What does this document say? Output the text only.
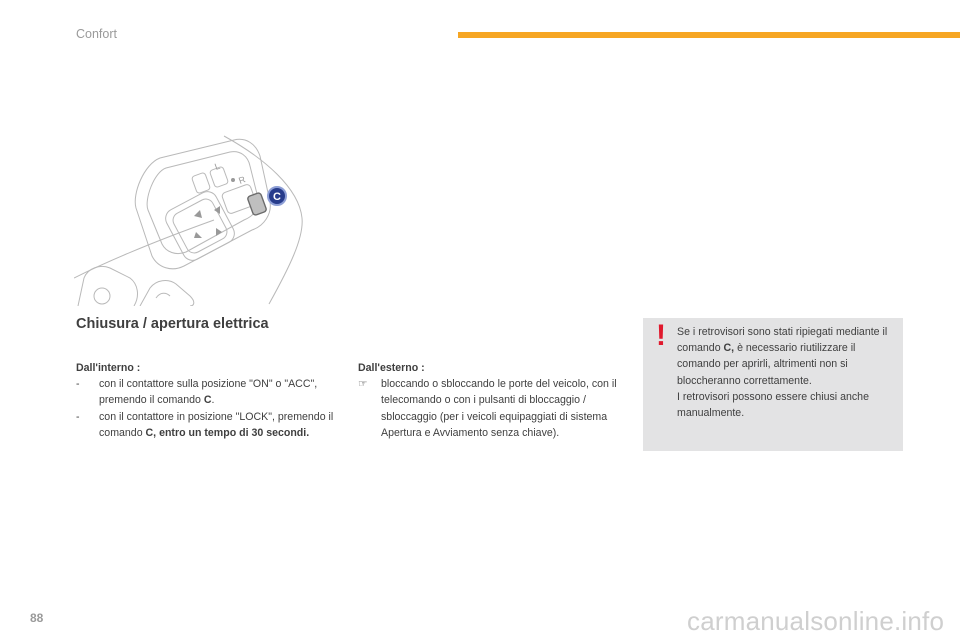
Confort
L
R
C
Chiusura / apertura elettrica
Dall'interno :
- con il contattore sulla posizione "ON" o "ACC", premendo il comando C.
- con il contattore in posizione "LOCK", premendo il comando C, entro un tempo di 30 secondi.
Dall'esterno :
☞ bloccando o sbloccando le porte del veicolo, con il telecomando o con i pulsanti di bloccaggio / sbloccaggio (per i veicoli equipaggiati di sistema Apertura e Avviamento senza chiave).
! Se i retrovisori sono stati ripiegati mediante il comando C, è necessario riutilizzare il comando per aprirli, altrimenti non si bloccheranno correttamente.
I retrovisori possono essere chiusi anche manualmente.
88	carmanualsonline.info
